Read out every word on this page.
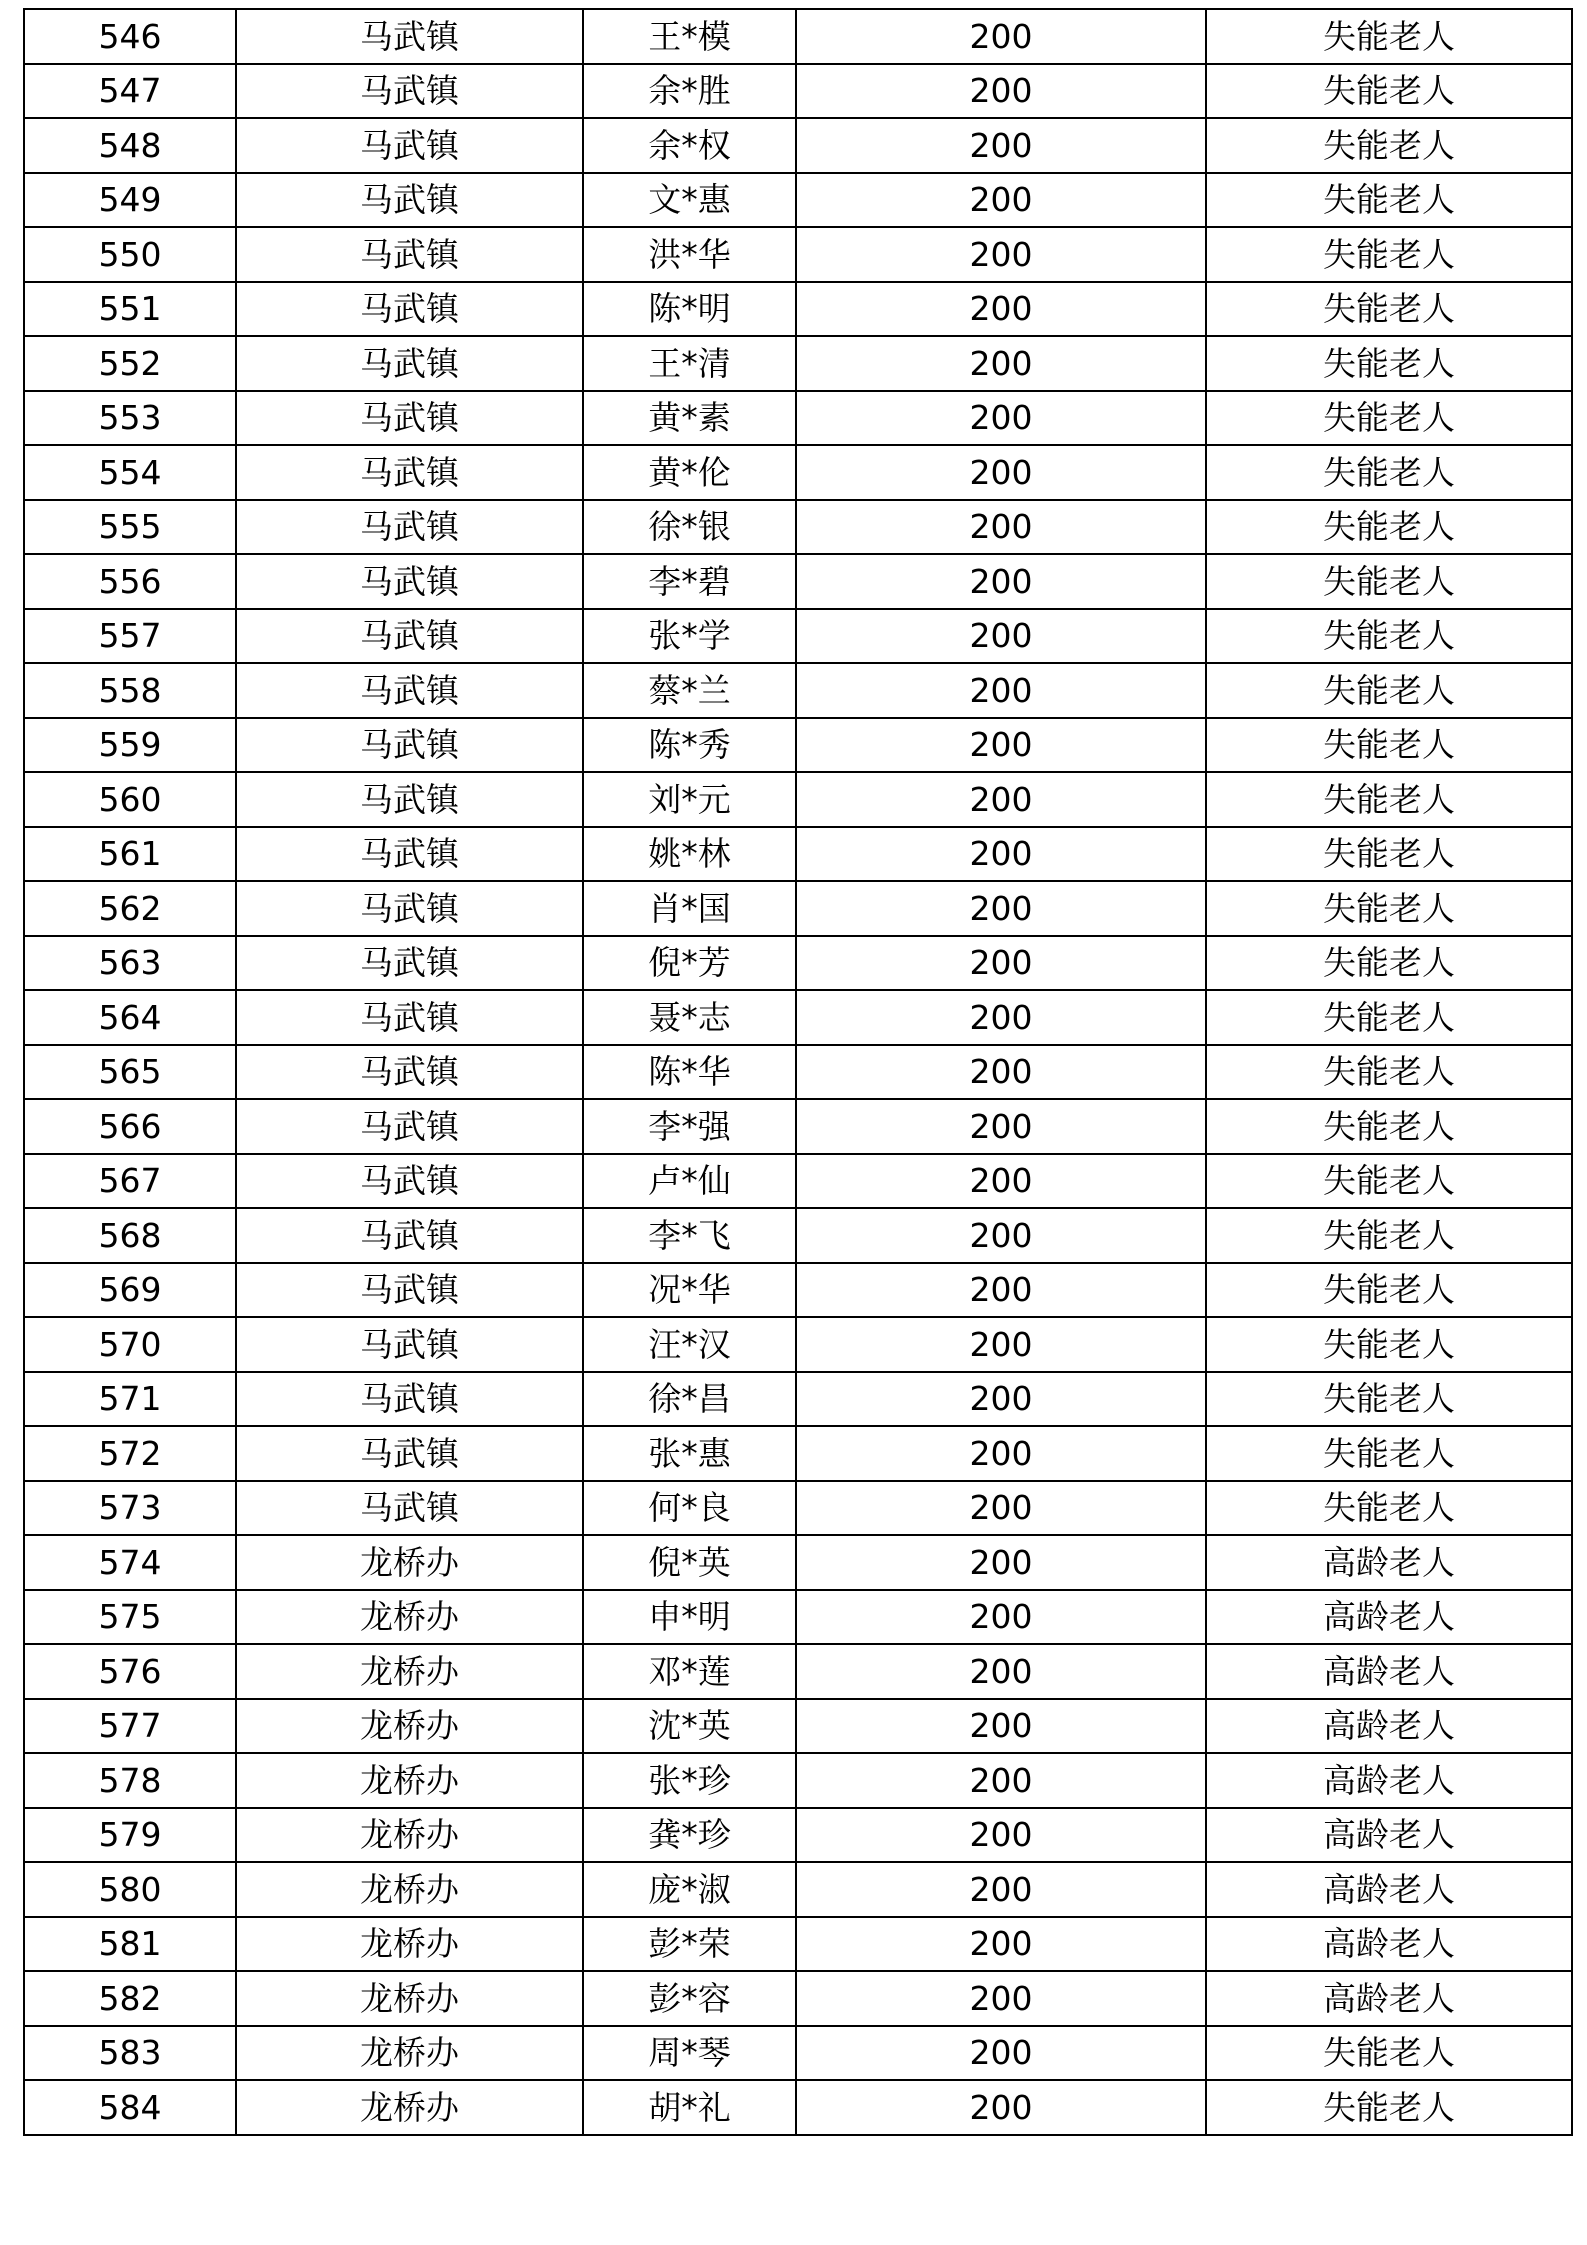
546	马武镇	王*模	200	失能老人
547	马武镇	余*胜	200	失能老人
548	马武镇	余*权	200	失能老人
549	马武镇	文*惠	200	失能老人
550	马武镇	洪*华	200	失能老人
551	马武镇	陈*明	200	失能老人
552	马武镇	王*清	200	失能老人
553	马武镇	黄*素	200	失能老人
554	马武镇	黄*伦	200	失能老人
555	马武镇	徐*银	200	失能老人
556	马武镇	李*碧	200	失能老人
557	马武镇	张*学	200	失能老人
558	马武镇	蔡*兰	200	失能老人
559	马武镇	陈*秀	200	失能老人
560	马武镇	刘*元	200	失能老人
561	马武镇	姚*林	200	失能老人
562	马武镇	肖*国	200	失能老人
563	马武镇	倪*芳	200	失能老人
564	马武镇	聂*志	200	失能老人
565	马武镇	陈*华	200	失能老人
566	马武镇	李*强	200	失能老人
567	马武镇	卢*仙	200	失能老人
568	马武镇	李*飞	200	失能老人
569	马武镇	况*华	200	失能老人
570	马武镇	汪*汉	200	失能老人
571	马武镇	徐*昌	200	失能老人
572	马武镇	张*惠	200	失能老人
573	马武镇	何*良	200	失能老人
574	龙桥办	倪*英	200	高龄老人
575	龙桥办	申*明	200	高龄老人
576	龙桥办	邓*莲	200	高龄老人
577	龙桥办	沈*英	200	高龄老人
578	龙桥办	张*珍	200	高龄老人
579	龙桥办	龚*珍	200	高龄老人
580	龙桥办	庞*淑	200	高龄老人
581	龙桥办	彭*荣	200	高龄老人
582	龙桥办	彭*容	200	高龄老人
583	龙桥办	周*琴	200	失能老人
584	龙桥办	胡*礼	200	失能老人
